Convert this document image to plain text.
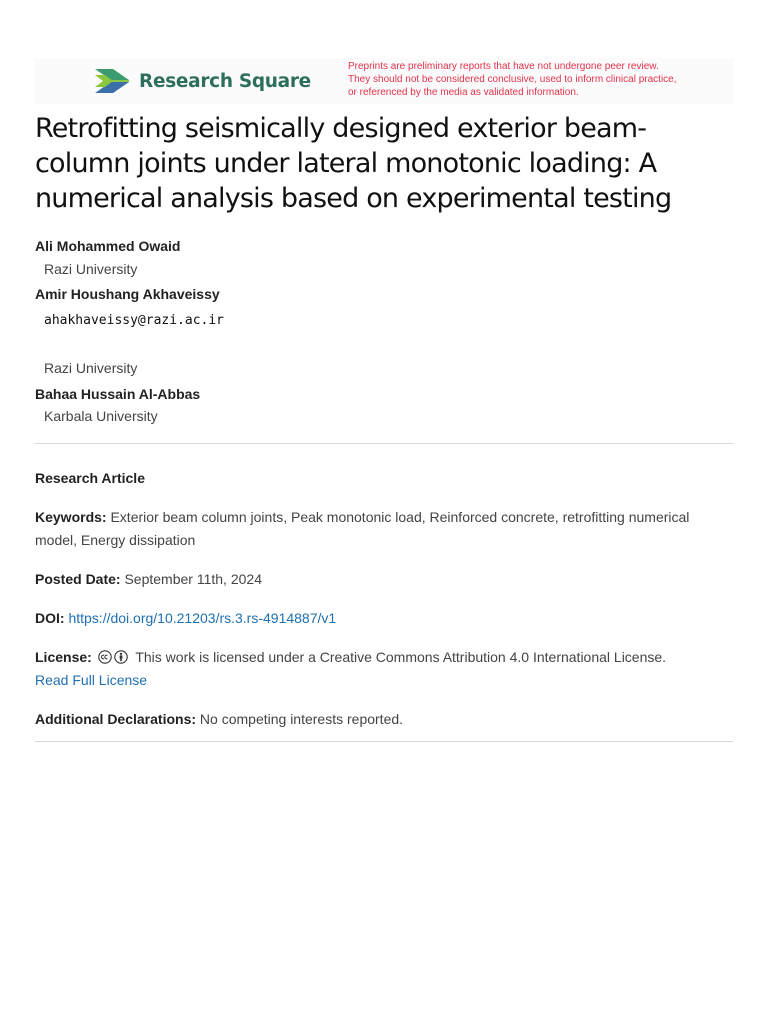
Research Square
Preprints are preliminary reports that have not undergone peer review.
They should not be considered conclusive, used to inform clinical practice,
or referenced by the media as validated information.
Retrofitting seismically designed exterior beam-
column joints under lateral monotonic loading: A
numerical analysis based on experimental testing
Ali Mohammed Owaid
Razi University
Amir Houshang Akhaveissy
ahakhaveissy@razi.ac.ir
Razi University
Bahaa Hussain Al-Abbas
Karbala University
Research Article
Keywords: Exterior beam column joints, Peak monotonic load, Reinforced concrete, retrofitting numerical model, Energy dissipation
Posted Date: September 11th, 2024
DOI: https://doi.org/10.21203/rs.3.rs-4914887/v1
License:	This work is licensed under a Creative Commons Attribution 4.0 International License.
Read Full License
Additional Declarations: No competing interests reported.
